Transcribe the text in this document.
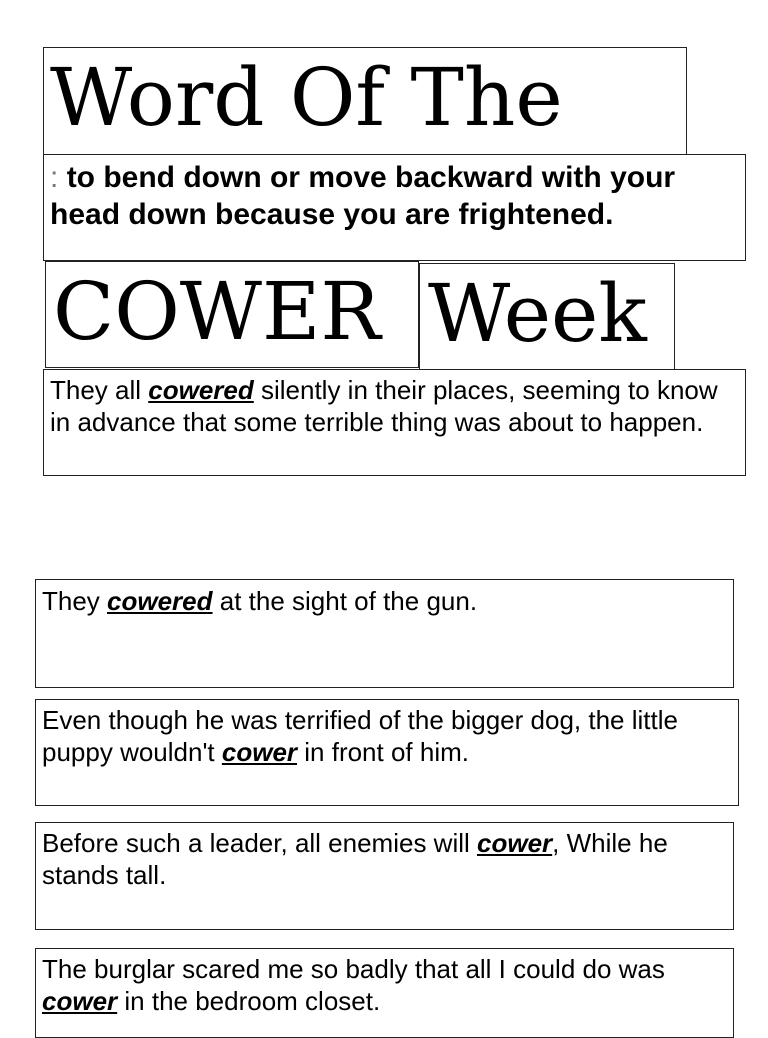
Word Of The
: to bend down or move backward with your head down because you are frightened.
COWER Week
They all cowered silently in their places, seeming to know in advance that some terrible thing was about to happen.
They cowered at the sight of the gun.
Even though he was terrified of the bigger dog, the little puppy wouldn't cower in front of him.
Before such a leader, all enemies will cower, While he stands tall.
The burglar scared me so badly that all I could do was cower in the bedroom closet.
